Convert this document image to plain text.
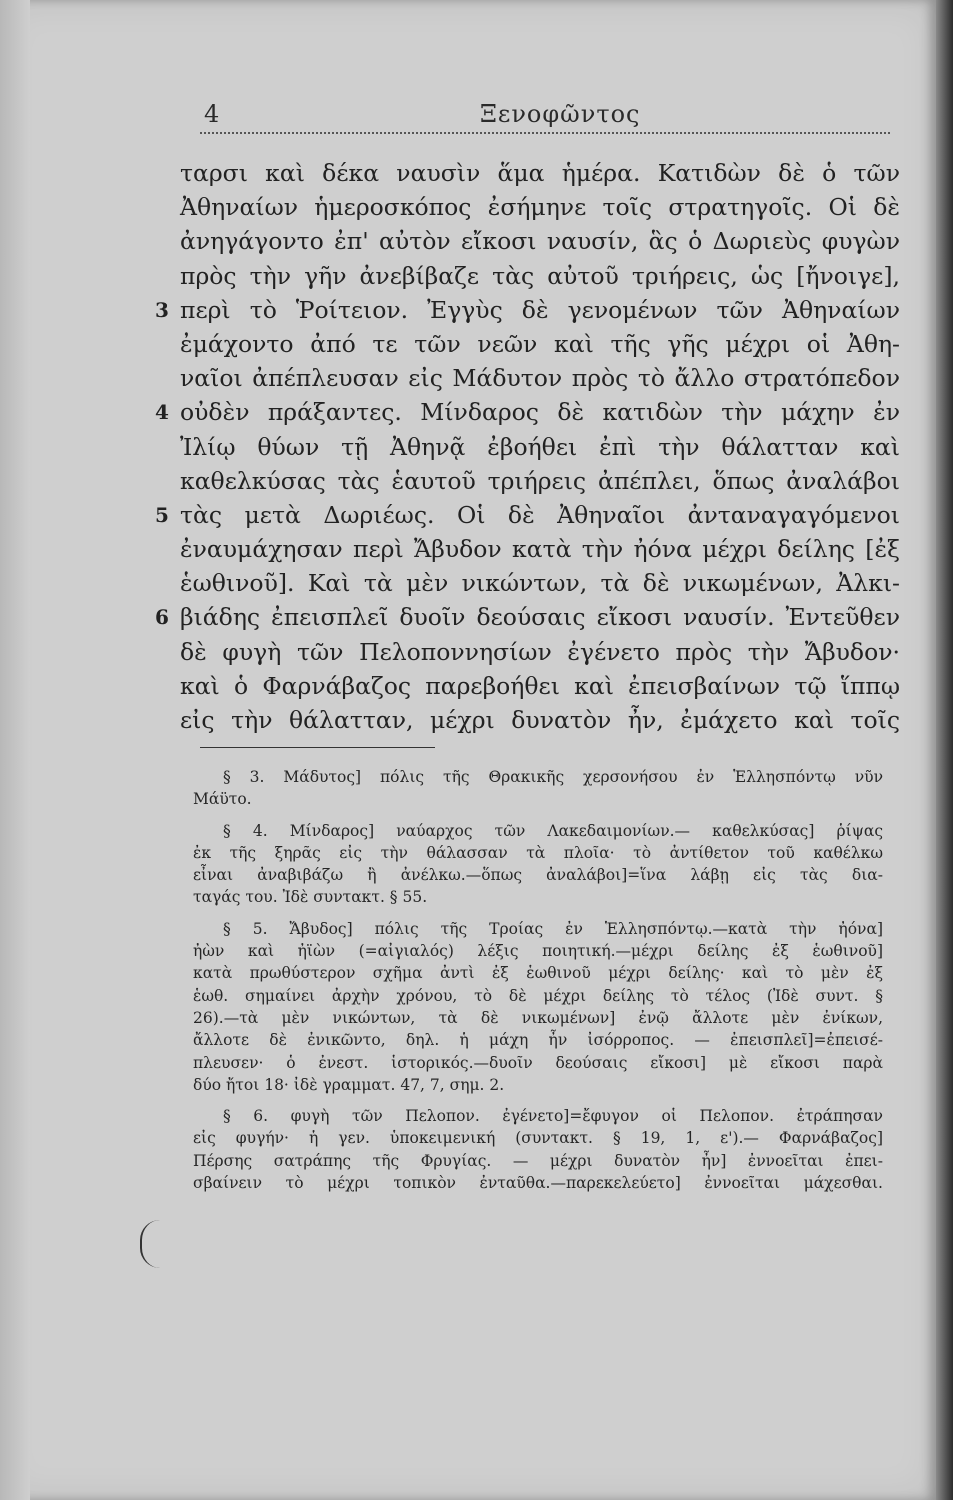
4	Ξενοφῶντος
ταρσι καὶ δέκα ναυσὶν ἅμα ἡμέρα. Κατιδὼν δὲ ὁ τῶν
Ἀθηναίων ἡμεροσκόπος ἐσήμηνε τοῖς στρατηγοῖς. Οἱ δὲ
ἀνηγάγοντο ἐπ' αὐτὸν εἴκοσι ναυσίν, ἃς ὁ Δωριεὺς φυγὼν
πρὸς τὴν γῆν ἀνεβίβαζε τὰς αὐτοῦ τριήρεις, ὡς [ἤνοιγε],
3 περὶ τὸ Ῥοίτειον. Ἐγγὺς δὲ γενομένων τῶν Ἀθηναίων
ἐμάχοντο ἀπό τε τῶν νεῶν καὶ τῆς γῆς μέχρι οἱ Ἀθη-
ναῖοι ἀπέπλευσαν εἰς Μάδυτον πρὸς τὸ ἄλλο στρατόπεδον
4 οὐδὲν πράξαντες. Μίνδαρος δὲ κατιδὼν τὴν μάχην ἐν
Ἰλίῳ θύων τῇ Ἀθηνᾷ ἐβοήθει ἐπὶ τὴν θάλατταν καὶ
καθελκύσας τὰς ἑαυτοῦ τριήρεις ἀπέπλει, ὅπως ἀναλάβοι
5 τὰς μετὰ Δωριέως. Οἱ δὲ Ἀθηναῖοι ἀνταναγαγόμενοι
ἐναυμάχησαν περὶ Ἄβυδον κατὰ τὴν ἠόνα μέχρι δείλης [ἐξ
ἑωθινοῦ]. Καὶ τὰ μὲν νικώντων, τὰ δὲ νικωμένων, Ἀλκι-
6 βιάδης ἐπεισπλεῖ δυοῖν δεούσαις εἴκοσι ναυσίν. Ἐντεῦθεν
δὲ φυγὴ τῶν Πελοποννησίων ἐγένετο πρὸς τὴν Ἄβυδον·
καὶ ὁ Φαρνάβαζος παρεβοήθει καὶ ἐπεισβαίνων τῷ ἵππῳ
εἰς τὴν θάλατταν, μέχρι δυνατὸν ἦν, ἐμάχετο καὶ τοῖς
§ 3. Μάδυτος] πόλις τῆς Θρακικῆς χερσονήσου ἐν Ἑλλησπόντῳ νῦν
Μάϋτο.
§ 4. Μίνδαρος] ναύαρχος τῶν Λακεδαιμονίων.— καθελκύσας] ῥίψας
ἐκ τῆς ξηρᾶς εἰς τὴν θάλασσαν τὰ πλοῖα· τὸ ἀντίθετον τοῦ καθέλκω
εἶναι ἀναβιβάζω ἢ ἀνέλκω.—ὅπως ἀναλάβοι]=ἵνα λάβῃ εἰς τὰς δια-
ταγάς του. Ἰδὲ συντακτ. § 55.
§ 5. Ἄβυδος] πόλις τῆς Τροίας ἐν Ἑλλησπόντῳ.—κατὰ τὴν ἠόνα]
ἠὼν καὶ ἠϊὼν (=αἰγιαλός) λέξις ποιητική.—μέχρι δείλης ἐξ ἑωθινοῦ]
κατὰ πρωθύστερον σχῆμα ἀντὶ ἐξ ἑωθινοῦ μέχρι δείλης· καὶ τὸ μὲν ἐξ
ἑωθ. σημαίνει ἀρχὴν χρόνου, τὸ δὲ μέχρι δείλης τὸ τέλος (Ἰδὲ συντ. §
26).—τὰ μὲν νικώντων, τὰ δὲ νικωμένων] ἐνῷ ἄλλοτε μὲν ἐνίκων,
ἄλλοτε δὲ ἐνικῶντο, δηλ. ἡ μάχη ἦν ἰσόρροπος. — ἐπεισπλεῖ]=ἐπεισέ-
πλευσεν· ὁ ἐνεστ. ἱστορικός.—δυοῖν δεούσαις εἴκοσι] μὲ εἴκοσι παρὰ
δύο ἤτοι 18· ἰδὲ γραμματ. 47, 7, σημ. 2.
§ 6. φυγὴ τῶν Πελοπον. ἐγένετο]=ἔφυγον οἱ Πελοπον. ἐτράπησαν
εἰς φυγήν· ἡ γεν. ὑποκειμενική (συντακτ. § 19, 1, ε').— Φαρνάβαζος]
Πέρσης σατράπης τῆς Φρυγίας. — μέχρι δυνατὸν ἦν] ἐννοεῖται ἐπει-
σβαίνειν τὸ μέχρι τοπικὸν ἐνταῦθα.—παρεκελεύετο] ἐννοεῖται μάχεσθαι.
